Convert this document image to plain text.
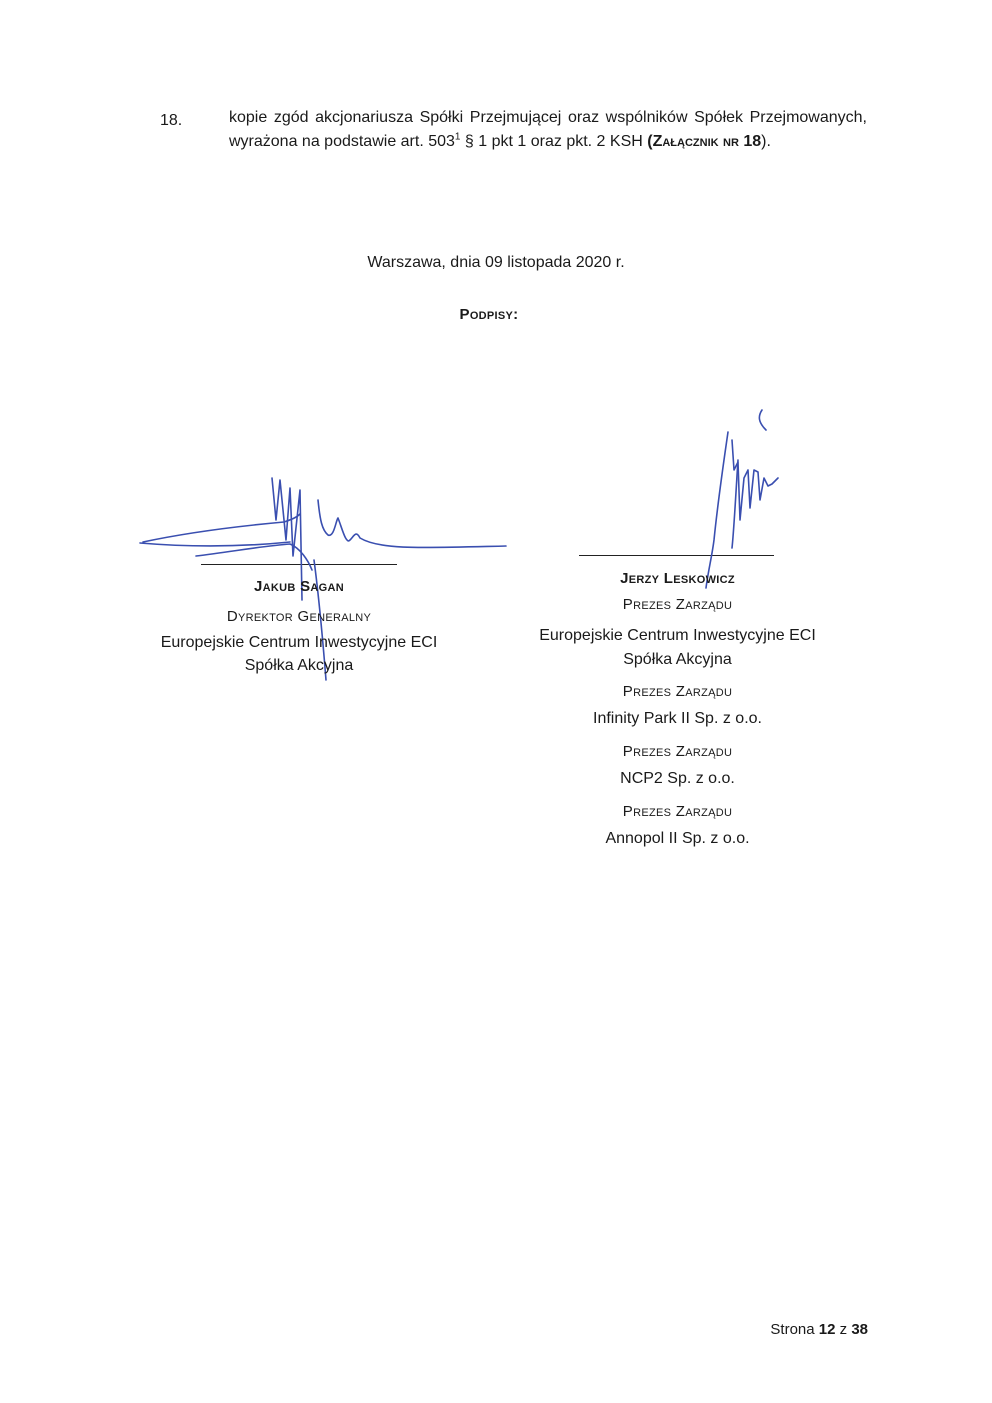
18.	kopie zgód akcjonariusza Spółki Przejmującej oraz wspólników Spółek Przejmowanych, wyrażona na podstawie art. $503^1$ § 1 pkt 1 oraz pkt. 2 KSH (Załącznik nr 18).
Warszawa, dnia 09 listopada 2020 r.
Podpisy:
Jakub Sagan
Dyrektor Generalny
Europejskie Centrum Inwestycyjne ECI
Spółka Akcyjna
Jerzy Leskowicz
Prezes Zarządu
Europejskie Centrum Inwestycyjne ECI
Spółka Akcyjna
Prezes Zarządu
Infinity Park II Sp. z o.o.
Prezes Zarządu
NCP2 Sp. z o.o.
Prezes Zarządu
Annopol II Sp. z o.o.
Strona 12 z 38
